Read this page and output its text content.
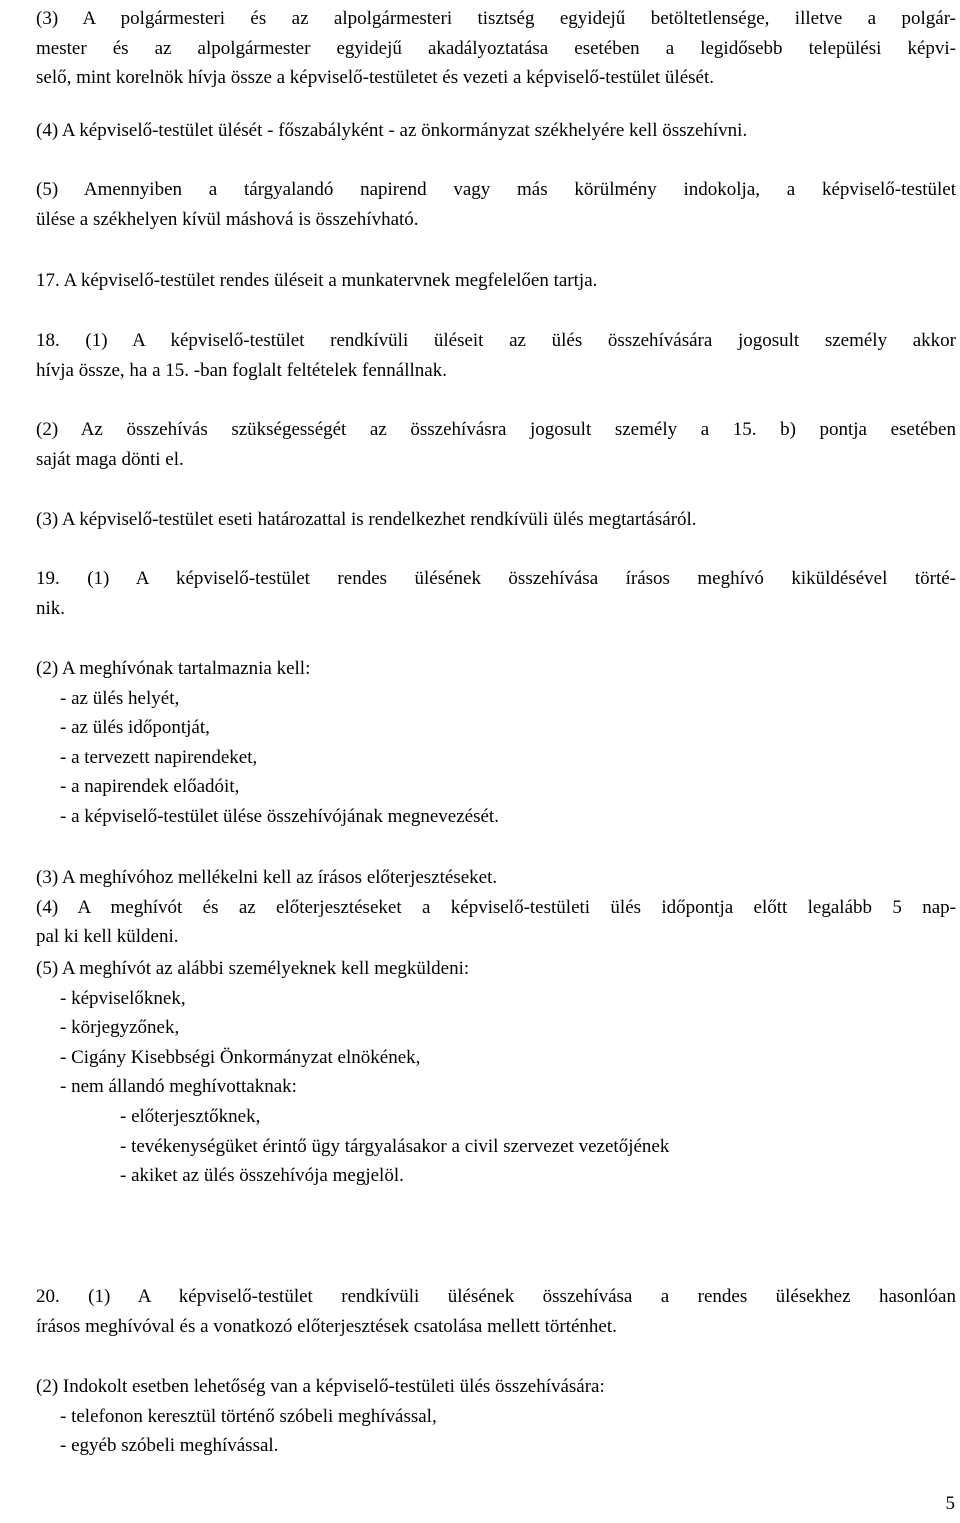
(3) A polgármesteri és az alpolgármesteri tisztség egyidejű betöltetlensége, illetve a polgár-
mester és az alpolgármester egyidejű akadályoztatása esetében a legidősebb települési képvi-
selő, mint korelnök hívja össze a képviselő-testületet és vezeti a képviselő-testület ülését.
(4) A képviselő-testület ülését - főszabályként - az önkormányzat székhelyére kell összehívni.
(5) Amennyiben a tárgyalandó napirend vagy más körülmény indokolja, a képviselő-testület
ülése a székhelyen kívül máshová is összehívható.
17. A képviselő-testület rendes üléseit a munkatervnek megfelelően tartja.
18. (1) A képviselő-testület rendkívüli üléseit az ülés összehívására jogosult személy akkor
hívja össze, ha a 15. -ban foglalt feltételek fennállnak.
(2) Az összehívás szükségességét az összehívásra jogosult személy a 15. b) pontja esetében
saját maga dönti el.
(3) A képviselő-testület eseti határozattal is rendelkezhet rendkívüli ülés megtartásáról.
19. (1) A képviselő-testület rendes ülésének összehívása írásos meghívó kiküldésével törté-
nik.
(2) A meghívónak tartalmaznia kell:
- az ülés helyét,
- az ülés időpontját,
- a tervezett napirendeket,
- a napirendek előadóit,
- a képviselő-testület ülése összehívójának megnevezését.
(3) A meghívóhoz mellékelni kell az írásos előterjesztéseket.
(4) A meghívót és az előterjesztéseket a képviselő-testületi ülés időpontja előtt legalább 5 nap-
pal ki kell küldeni.
(5) A meghívót az alábbi személyeknek kell megküldeni:
- képviselőknek,
- körjegyzőnek,
- Cigány Kisebbségi Önkormányzat elnökének,
- nem állandó meghívottaknak:
- előterjesztőknek,
- tevékenységüket érintő ügy tárgyalásakor a civil szervezet vezetőjének
- akiket az ülés összehívója megjelöl.
20. (1) A képviselő-testület rendkívüli ülésének összehívása a rendes ülésekhez hasonlóan
írásos meghívóval és a vonatkozó előterjesztések csatolása mellett történhet.
(2) Indokolt esetben lehetőség van a képviselő-testületi ülés összehívására:
- telefonon keresztül történő szóbeli meghívással,
- egyéb szóbeli meghívással.
5
